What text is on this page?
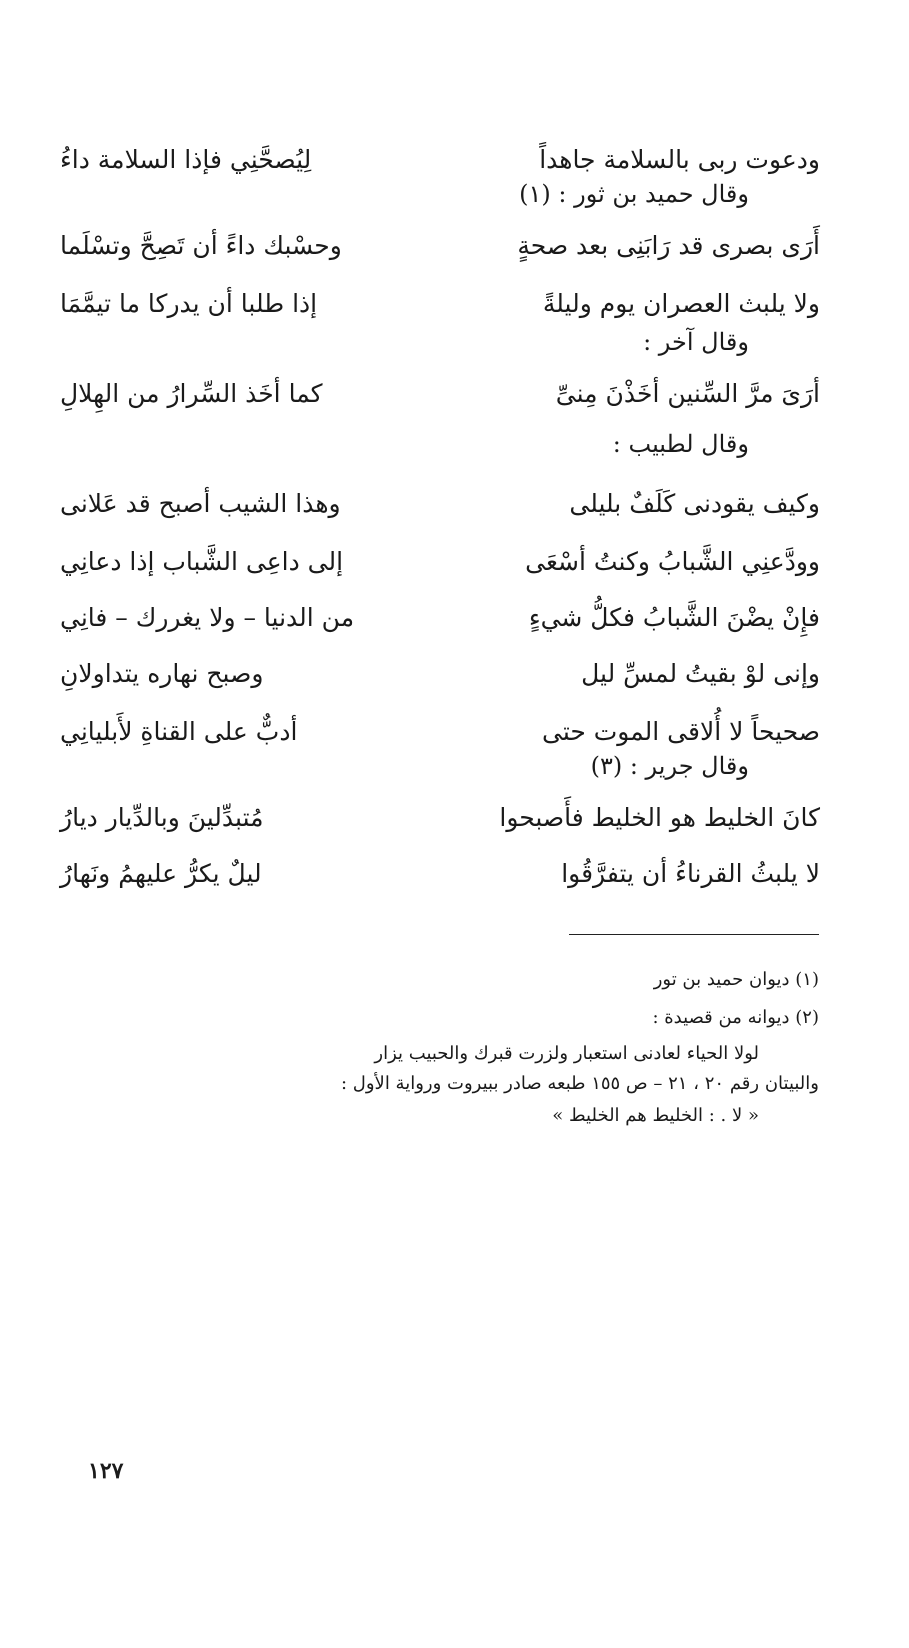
ودعوت ربى بالسلامة جاهداً
لِيُصحَّنِي فإذا السلامة داءُ
وقال حميد بن ثور : (١)
أَرَى بصرى قد رَابَنِى بعد صحةٍ
وحسْبك داءً أن تَصِحَّ وتسْلَما
ولا يلبث العصران يوم وليلةً
إذا طلبا أن يدركا ما تيمَّمَا
وقال آخر :
أرَىَ مرَّ السِّنين أخَذْنَ مِنىِّ
كما أخَذ السِّرارُ من الهِلالِ
وقال لطبيب :
وكيف يقودنى كَلَفٌ بليلى
وهذا الشيب أصبح قد عَلانى
وودَّعنِي الشَّبابُ وكنتُ أسْعَى
إلى داعِى الشَّباب إذا دعانِي
فإِنْ يضْنَ الشَّبابُ فكلُّ شيءٍ
من الدنيا – ولا يغررك – فانِي
وإنى لوْ بقيتُ لمسِّ ليل
وصبح نهاره يتداولانِ
صحيحاً لا أُلاقى الموت حتى
أدبٌّ على القناةِ لأَبليانِي
وقال جرير : (٣)
كانَ الخليط هو الخليط فأَصبحوا
مُتبدِّلينَ وبالدِّيار ديارُ
لا يلبثُ القرناءُ أن يتفرَّقُوا
ليلٌ يكرُّ عليهمُ ونَهارُ
(١) ديوان حميد بن تور
(٢) ديوانه من قصيدة :
لولا الحياء لعادنى استعبار ولزرت قبرك والحبيب يزار
والبيتان رقم ٢٠ ، ٢١ – ص ١٥٥ طبعه صادر ببيروت ورواية الأول :
« لا . : الخليط هم الخليط »
١٢٧
